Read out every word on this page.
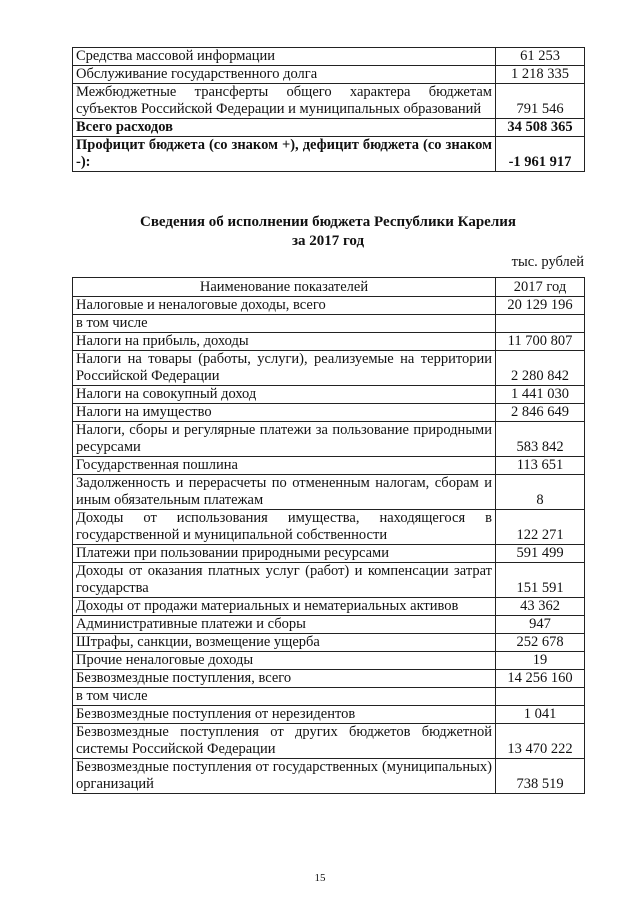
Средства массовой информации	61 253
Обслуживание государственного долга	1 218 335
Межбюджетные трансферты общего характера бюджетам субъектов Российской Федерации и муниципальных образований	791 546
Всего расходов	34 508 365
Профицит бюджета (со знаком +), дефицит бюджета (со знаком -):	-1 961 917
Сведения об исполнении бюджета Республики Карелия
за 2017 год
тыс. рублей
Наименование показателей	2017 год
Налоговые и неналоговые доходы, всего	20 129 196
в том числе	
Налоги на прибыль, доходы	11 700 807
Налоги на товары (работы, услуги), реализуемые на территории Российской Федерации	2 280 842
Налоги на совокупный доход	1 441 030
Налоги на имущество	2 846 649
Налоги, сборы и регулярные платежи за пользование природными ресурсами	583 842
Государственная пошлина	113 651
Задолженность и перерасчеты по отмененным налогам, сборам и иным обязательным платежам	8
Доходы от использования имущества, находящегося в государственной и муниципальной собственности	122 271
Платежи при пользовании природными ресурсами	591 499
Доходы от оказания платных услуг (работ) и компенсации затрат государства	151 591
Доходы от продажи материальных и нематериальных активов	43 362
Административные платежи и сборы	947
Штрафы, санкции, возмещение ущерба	252 678
Прочие неналоговые доходы	19
Безвозмездные поступления, всего	14 256 160
в том числе	
Безвозмездные поступления от нерезидентов	1 041
Безвозмездные поступления от других бюджетов бюджетной системы Российской Федерации	13 470 222
Безвозмездные поступления от государственных (муниципальных) организаций	738 519
15
